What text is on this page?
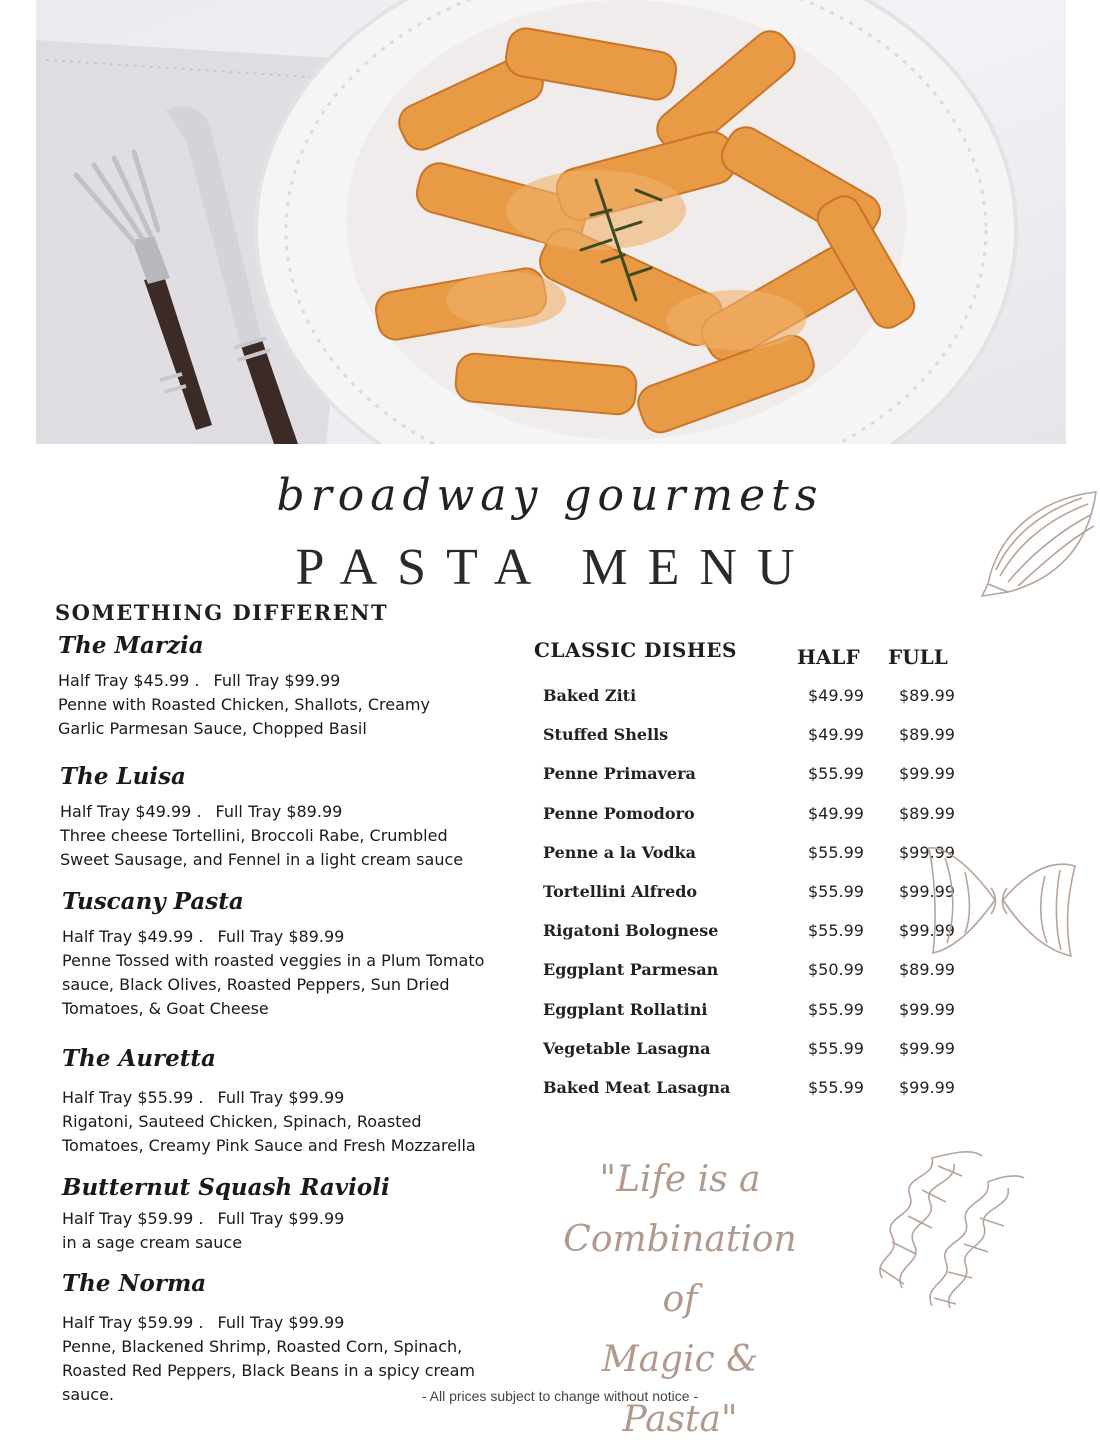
broadway gourmets
PASTA MENU
SOMETHING DIFFERENT
The Marzia
Half Tray $45.99 . Full Tray $99.99
Penne with Roasted Chicken, Shallots, Creamy Garlic Parmesan Sauce, Chopped Basil
The Luisa
Half Tray $49.99 . Full Tray $89.99
Three cheese Tortellini, Broccoli Rabe, Crumbled Sweet Sausage, and Fennel in a light cream sauce
Tuscany Pasta
Half Tray $49.99 . Full Tray $89.99
Penne Tossed with roasted veggies in a Plum Tomato sauce, Black Olives, Roasted Peppers, Sun Dried Tomatoes, & Goat Cheese
The Auretta
Half Tray $55.99 . Full Tray $99.99
Rigatoni, Sauteed Chicken, Spinach, Roasted Tomatoes, Creamy Pink Sauce and Fresh Mozzarella
Butternut Squash Ravioli
Half Tray $59.99 . Full Tray $99.99
in a sage cream sauce
The Norma
Half Tray $59.99 . Full Tray $99.99
Penne, Blackened Shrimp, Roasted Corn, Spinach, Roasted Red Peppers, Black Beans in a spicy cream sauce.
CLASSIC DISHES	HALF FULL
Baked Ziti	$49.99 $89.99
Stuffed Shells	$49.99 $89.99
Penne Primavera	$55.99 $99.99
Penne Pomodoro	$49.99 $89.99
Penne a la Vodka	$55.99 $99.99
Tortellini Alfredo	$55.99 $99.99
Rigatoni Bolognese	$55.99 $99.99
Eggplant Parmesan	$50.99 $89.99
Eggplant Rollatini	$55.99 $99.99
Vegetable Lasagna	$55.99 $99.99
Baked Meat Lasagna	$55.99 $99.99
"Life is a
Combination of
Magic & Pasta"
- All prices subject to change without notice -
